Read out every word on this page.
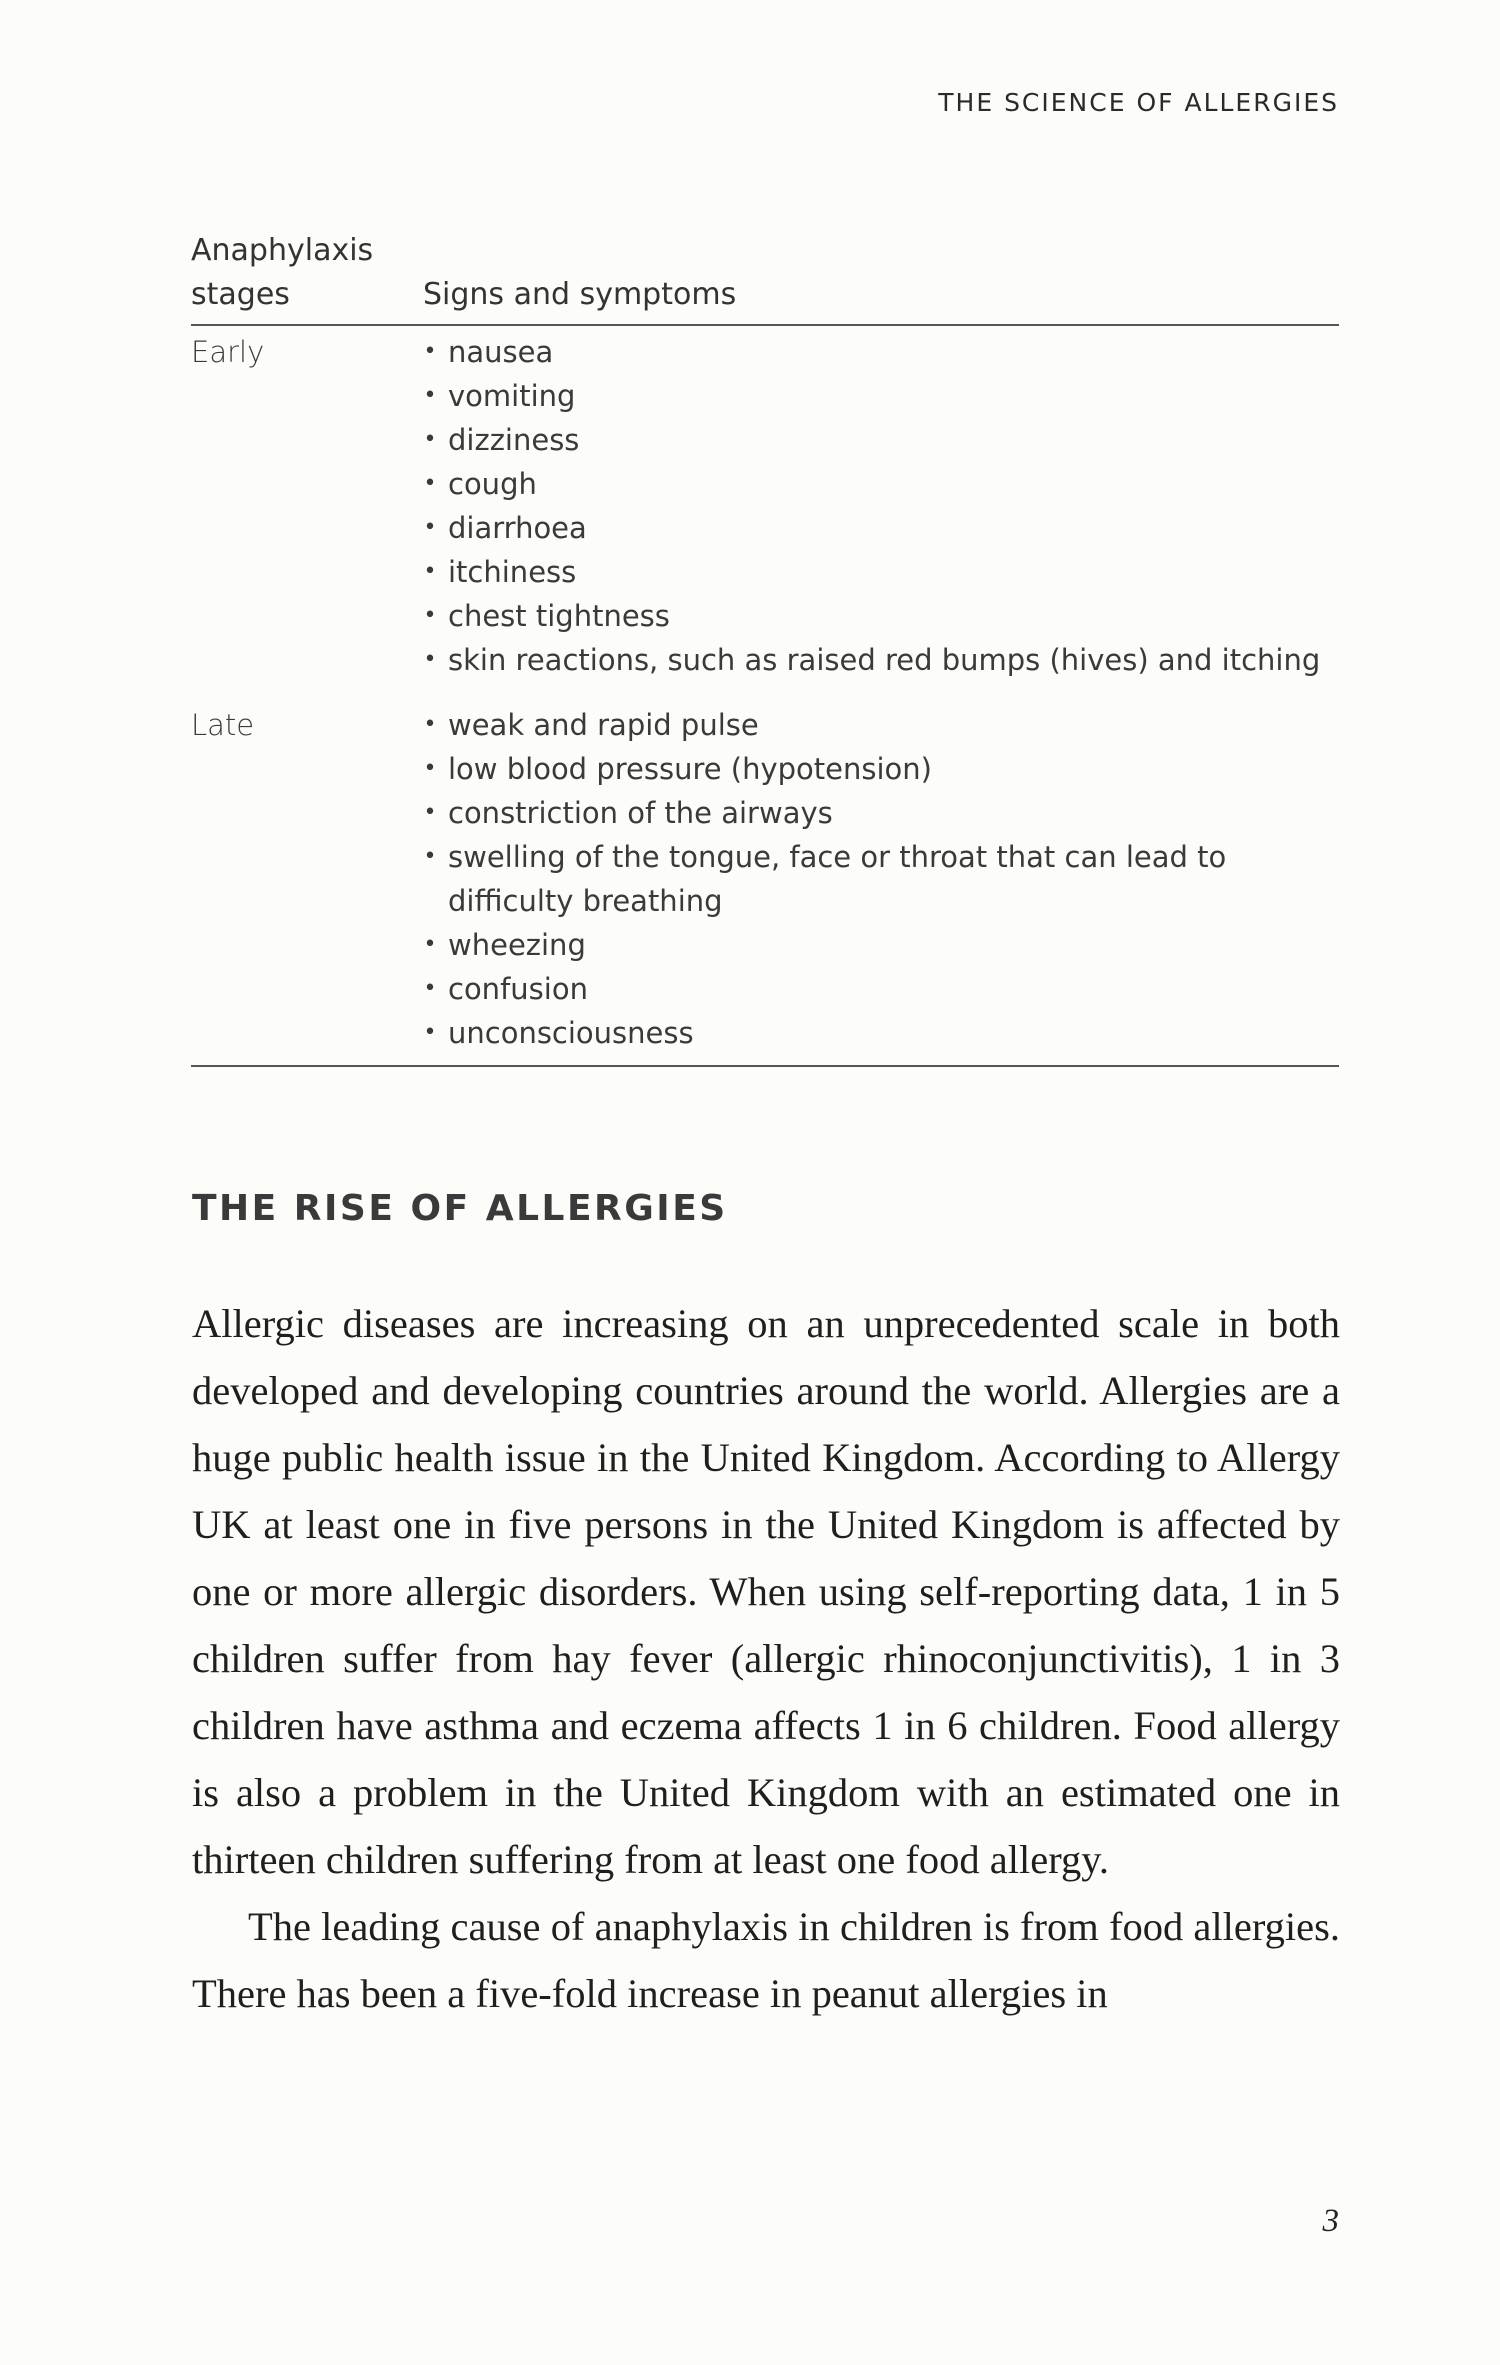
THE SCIENCE OF ALLERGIES
Anaphylaxis stages	Signs and symptoms
Early	• nausea
• vomiting
• dizziness
• cough
• diarrhoea
• itchiness
• chest tightness
• skin reactions, such as raised red bumps (hives) and itching
Late	• weak and rapid pulse
• low blood pressure (hypotension)
• constriction of the airways
• swelling of the tongue, face or throat that can lead to difficulty breathing
• wheezing
• confusion
• unconsciousness
THE RISE OF ALLERGIES

Allergic diseases are increasing on an unprecedented scale in both developed and developing countries around the world. Allergies are a huge public health issue in the United Kingdom. According to Allergy UK at least one in five persons in the United Kingdom is affected by one or more allergic disorders. When using self-reporting data, 1 in 5 children suffer from hay fever (allergic rhinoconjunctivitis), 1 in 3 children have asthma and eczema affects 1 in 6 children. Food allergy is also a problem in the United Kingdom with an estimated one in thirteen children suffering from at least one food allergy.

The leading cause of anaphylaxis in children is from food allergies. There has been a five-fold increase in peanut allergies in

3
